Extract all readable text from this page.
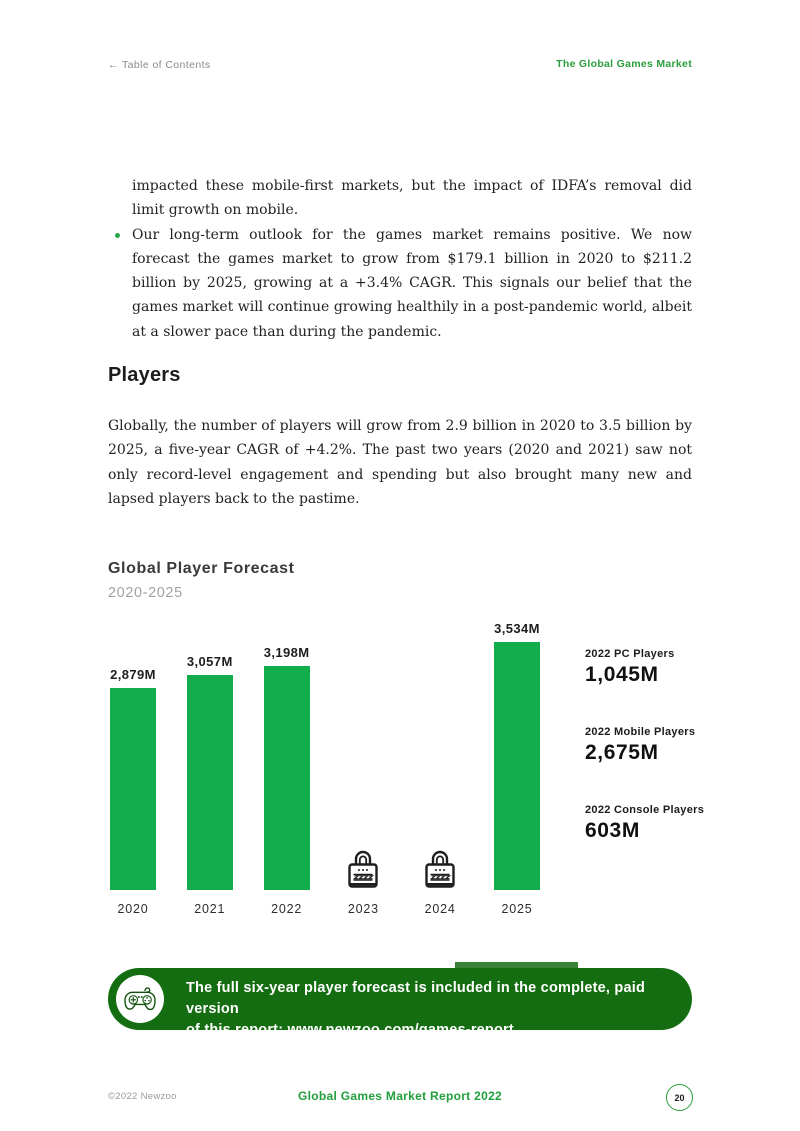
← Table of Contents	The Global Games Market
impacted these mobile-first markets, but the impact of IDFA’s removal did limit growth on mobile.
Our long-term outlook for the games market remains positive. We now forecast the games market to grow from $179.1 billion in 2020 to $211.2 billion by 2025, growing at a +3.4% CAGR. This signals our belief that the games market will continue growing healthily in a post-pandemic world, albeit at a slower pace than during the pandemic.
Players
Globally, the number of players will grow from 2.9 billion in 2020 to 3.5 billion by 2025, a five-year CAGR of +4.2%. The past two years (2020 and 2021) saw not only record-level engagement and spending but also brought many new and lapsed players back to the pastime.
Global Player Forecast
2020-2025
2,879M
2020
3,057M
2021
3,198M
2022	2023	2024
3,534M
2025
2022 PC Players
1,045M
2022 Mobile Players
2,675M
2022 Console Players
603M
The full six-year player forecast is included in the complete, paid version
of this report: www.newzoo.com/games-report.
©2022 Newzoo	Global Games Market Report 2022	20
